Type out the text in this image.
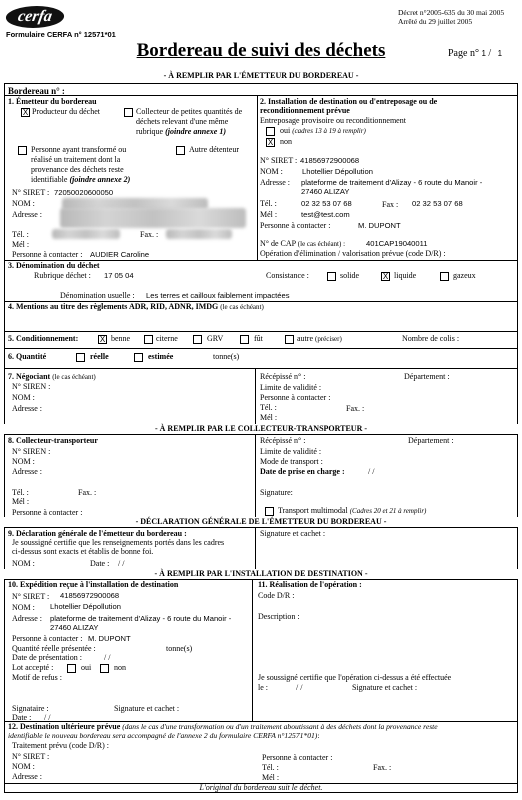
cerfa
Formulaire CERFA n° 12571*01
Décret n°2005-635 du 30 mai 2005
Arrêté du 29 juillet 2005
Bordereau de suivi des déchets	Page n° 1 / 1
- À REMPLIR PAR L'ÉMETTEUR DU BORDEREAU -
Bordereau n° :
1. Émetteur du bordereau
X Producteur du déchet	Collecteur de petites quantités de
déchets relevant d'une même
rubrique (joindre annexe 1)
Personne ayant transformé ou
réalisé un traitement dont la
provenance des déchets reste
identifiable (joindre annexe 2)
Autre détenteur
N° SIRET : 72050020600050
NOM :
Adresse :
Tél. :	Fax. :
Mél :
Personne à contacter : AUDIER Caroline
2. Installation de destination ou d'entreposage ou de
reconditionnement prévue
Entreposage provisoire ou reconditionnement
oui (cadres 13 à 19 à remplir)
X non
N° SIRET : 41856972900068
NOM :	Lhotellier Dépollution
Adresse : plateforme de traitement d'Alizay - 6 route du Manoir -
27460 ALIZAY
Tél. :	02 32 53 07 68	Fax : 02 32 53 07 68
Mél :	test@test.com
Personne à contacter :	M. DUPONT
N° de CAP (le cas échéant) :	401CAP19040011
Opération d'élimination / valorisation prévue (code D/R) :
3. Dénomination du déchet
Rubrique déchet : 17 05 04	Consistance :	solide	X liquide	gazeux
Dénomination usuelle : Les terres et cailloux faiblement impactées
4. Mentions au titre des règlements ADR, RID, ADNR, IMDG (le cas échéant)
5. Conditionnement:	X benne	citerne	GRV	fût	autre (préciser)	Nombre de colis :
6. Quantité	réelle	estimée	tonne(s)
7. Négociant (le cas échéant)
N° SIREN :
NOM :
Adresse :
Récépissé n° :	Département :
Limite de validité :
Personne à contacter :
Tél. :	Fax. :
Mél :
- À REMPLIR PAR LE COLLECTEUR-TRANSPORTEUR -
8. Collecteur-transporteur
N° SIREN :
NOM :
Adresse :
Tél. :	Fax. :
Mél :
Personne à contacter :
Récépissé n° :	Département :
Limite de validité :
Mode de transport :
Date de prise en charge :	/ /
Signature:
Transport multimodal (Cadres 20 et 21 à remplir)
- DÉCLARATION GÉNÉRALE DE L'ÉMETTEUR DU BORDEREAU -
9. Déclaration générale de l'émetteur du bordereau :
Je soussigné certifie que les renseignements portés dans les cadres
ci-dessus sont exacts et établis de bonne foi.
NOM :	Date : / /
Signature et cachet :
- À REMPLIR PAR L'INSTALLATION DE DESTINATION -
10. Expédition reçue à l'installation de destination
N° SIRET : 41856972900068
NOM : Lhotellier Dépollution
Adresse : plateforme de traitement d'Alizay - 6 route du Manoir -
27460 ALIZAY
Personne à contacter : M. DUPONT
Quantité réelle présentée :	tonne(s)
Date de présentation :	/ /
Lot accepté :	oui	non
Motif de refus :
Signataire :	Signature et cachet :
Date : / /
11. Réalisation de l'opération :
Code D/R :
Description :
Je soussigné certifie que l'opération ci-dessus a été effectuée
le :	/ /	Signature et cachet :
12. Destination ultérieure prévue (dans le cas d'une transformation ou d'un traitement aboutissant à des déchets dont la provenance reste
identifiable le nouveau bordereau sera accompagné de l'annexe 2 du formulaire CERFA n°12571*01):
Traitement prévu (code D/R) :
N° SIRET :
NOM :
Adresse :
Personne à contacter :
Tél. :	Fax. :
Mél :
L'original du bordereau suit le déchet.
